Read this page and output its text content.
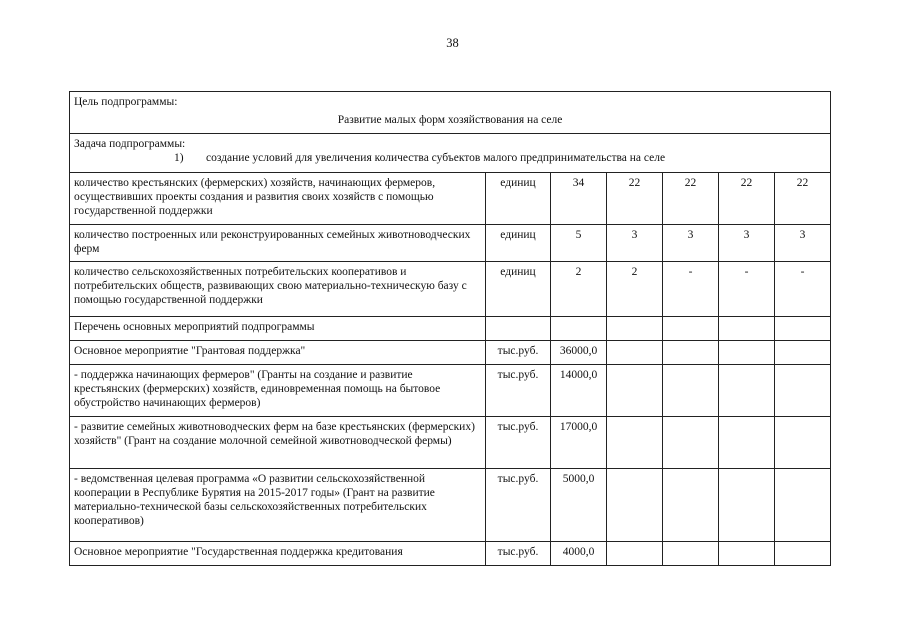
38
Цель подпрограммы:
Развитие малых форм хозяйствования на селе						

Задача подпрограммы:
1) создание условий для увеличения количества субъектов малого предпринимательства на селе						

количество крестьянских (фермерских) хозяйств, начинающих фермеров, осуществивших проекты создания и развития своих хозяйств с помощью государственной поддержки	единиц	34	22	22	22	22
количество построенных или реконструированных семейных животноводческих ферм	единиц	5	3	3	3	3
количество сельскохозяйственных потребительских кооперативов и потребительских обществ, развивающих свою материально-техническую базу с помощью государственной поддержки	единиц	2	2	-	-	-
Перечень основных мероприятий подпрограммы						
Основное мероприятие "Грантовая поддержка"	тыс.руб.	36000,0				
- поддержка начинающих фермеров" (Гранты на создание и развитие крестьянских (фермерских) хозяйств, единовременная помощь на бытовое обустройство начинающих фермеров)	тыс.руб.	14000,0				
- развитие семейных животноводческих ферм на базе крестьянских (фермерских) хозяйств" (Грант на создание молочной семейной животноводческой фермы)	тыс.руб.	17000,0				
- ведомственная целевая программа «О развитии сельскохозяйственной кооперации в Республике Бурятия на 2015-2017 годы» (Грант на развитие материально-технической базы сельскохозяйственных потребительских кооперативов)	тыс.руб.	5000,0				
Основное мероприятие "Государственная поддержка кредитования	тыс.руб.	4000,0				
